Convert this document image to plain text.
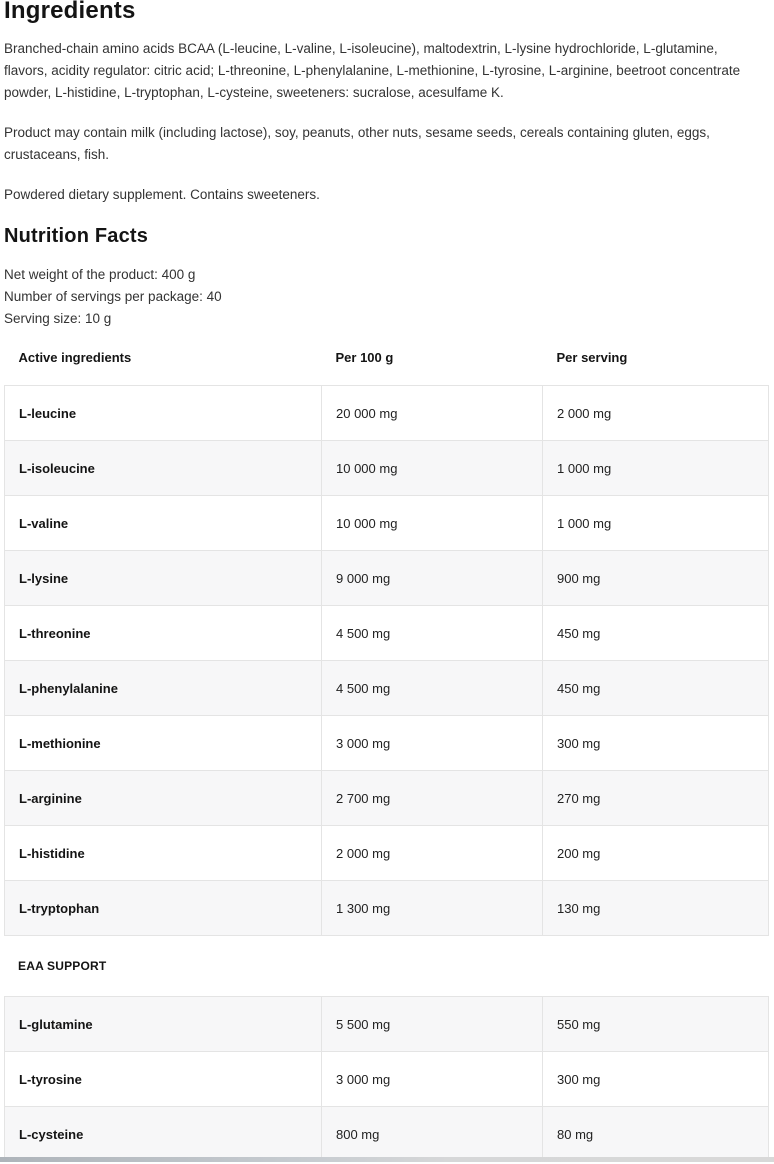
Ingredients

Branched-chain amino acids BCAA (L-leucine, L-valine, L-isoleucine), maltodextrin, L-lysine hydrochloride, L-glutamine, flavors, acidity regulator: citric acid; L-threonine, L-phenylalanine, L-methionine, L-tyrosine, L-arginine, beetroot concentrate powder, L-histidine, L-tryptophan, L-cysteine, sweeteners: sucralose, acesulfame K.

Product may contain milk (including lactose), soy, peanuts, other nuts, sesame seeds, cereals containing gluten, eggs, crustaceans, fish.

Powdered dietary supplement. Contains sweeteners.

Nutrition Facts
Net weight of the product: 400 g
Number of servings per package: 40
Serving size: 10 g
Active ingredients	Per 100 g	Per serving
L-leucine	20 000 mg	2 000 mg
L-isoleucine	10 000 mg	1 000 mg
L-valine	10 000 mg	1 000 mg
L-lysine	9 000 mg	900 mg
L-threonine	4 500 mg	450 mg
L-phenylalanine	4 500 mg	450 mg
L-methionine	3 000 mg	300 mg
L-arginine	2 700 mg	270 mg
L-histidine	2 000 mg	200 mg
L-tryptophan	1 300 mg	130 mg
EAA SUPPORT
L-glutamine	5 500 mg	550 mg
L-tyrosine	3 000 mg	300 mg
L-cysteine	800 mg	80 mg
